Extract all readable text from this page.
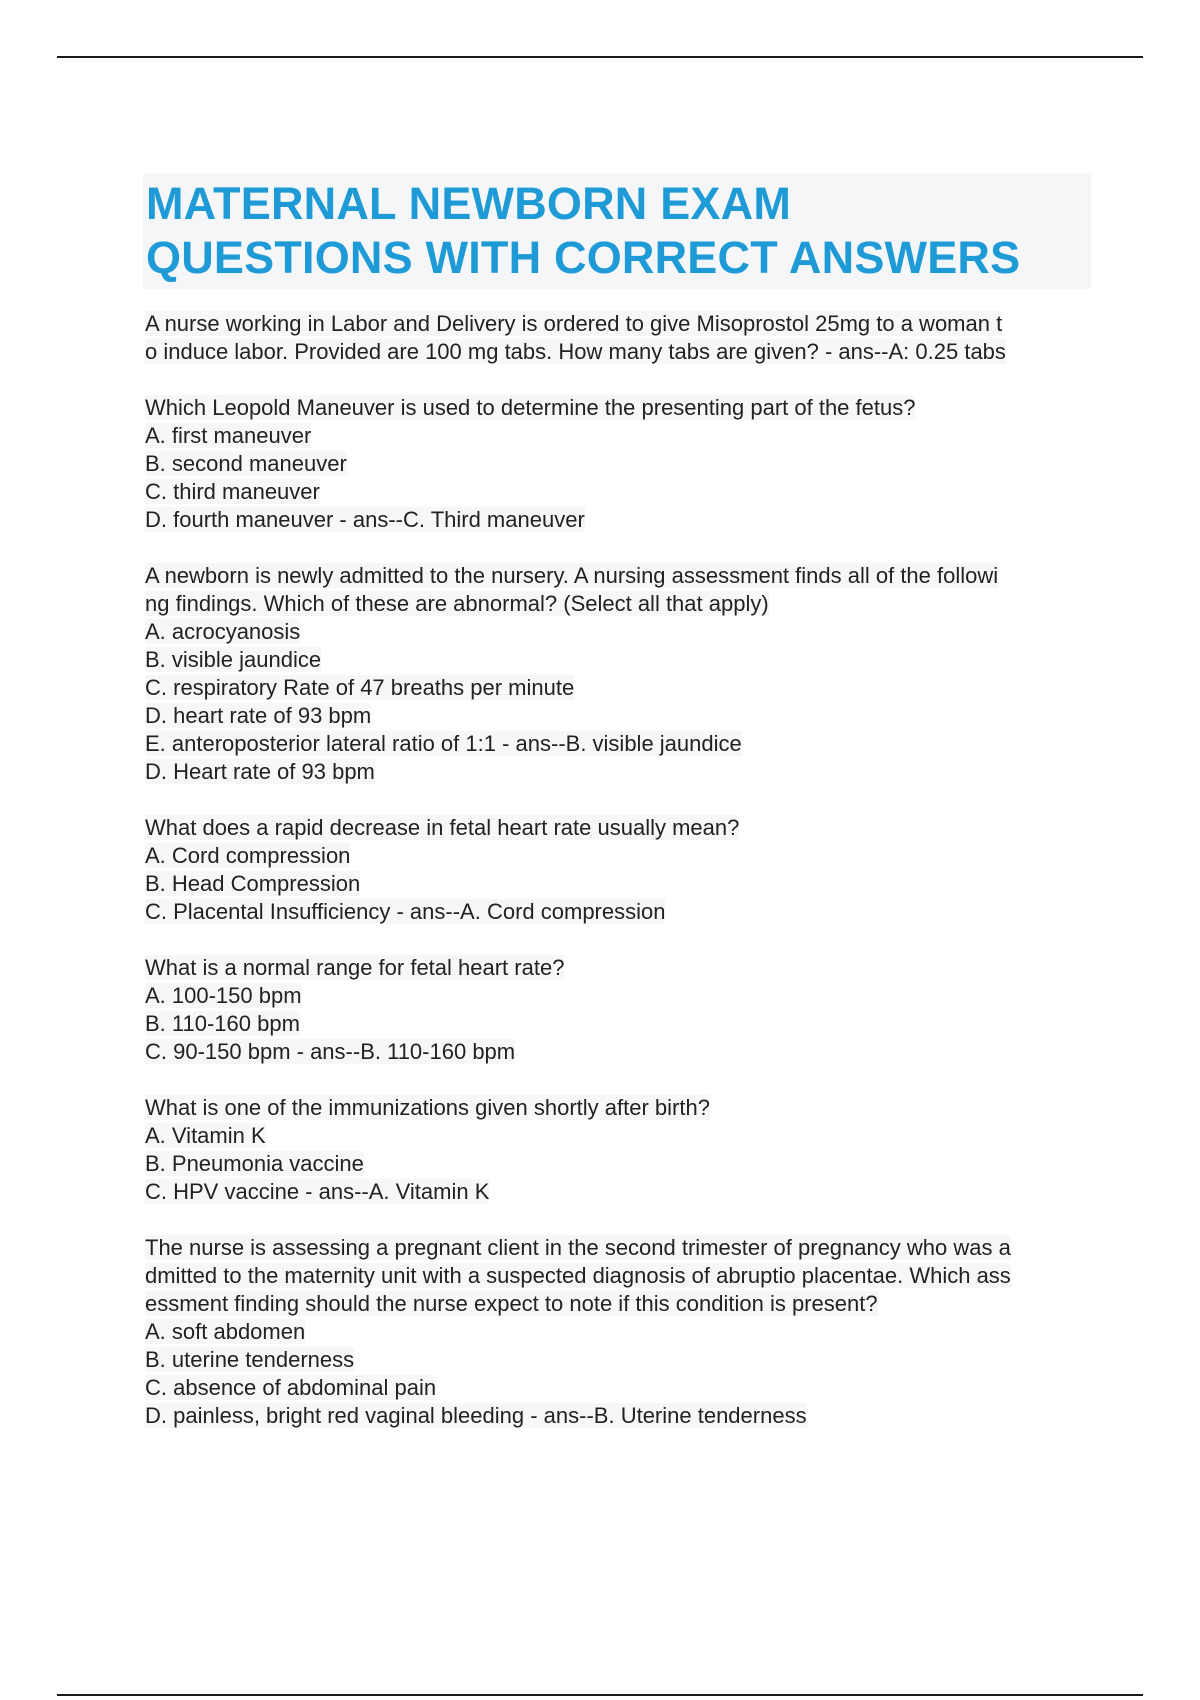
MATERNAL NEWBORN EXAM
QUESTIONS WITH CORRECT ANSWERS
A nurse working in Labor and Delivery is ordered to give Misoprostol 25mg to a woman t
o induce labor. Provided are 100 mg tabs. How many tabs are given? - ans--A: 0.25 tabs
Which Leopold Maneuver is used to determine the presenting part of the fetus?
A. first maneuver
B. second maneuver
C. third maneuver
D. fourth maneuver - ans--C. Third maneuver
A newborn is newly admitted to the nursery. A nursing assessment finds all of the followi
ng findings. Which of these are abnormal? (Select all that apply)
A. acrocyanosis
B. visible jaundice
C. respiratory Rate of 47 breaths per minute
D. heart rate of 93 bpm
E. anteroposterior lateral ratio of 1:1 - ans--B. visible jaundice
D. Heart rate of 93 bpm
What does a rapid decrease in fetal heart rate usually mean?
A. Cord compression
B. Head Compression
C. Placental Insufficiency - ans--A. Cord compression
What is a normal range for fetal heart rate?
A. 100-150 bpm
B. 110-160 bpm
C. 90-150 bpm - ans--B. 110-160 bpm
What is one of the immunizations given shortly after birth?
A. Vitamin K
B. Pneumonia vaccine
C. HPV vaccine - ans--A. Vitamin K
The nurse is assessing a pregnant client in the second trimester of pregnancy who was a
dmitted to the maternity unit with a suspected diagnosis of abruptio placentae. Which ass
essment finding should the nurse expect to note if this condition is present?
A. soft abdomen
B. uterine tenderness
C. absence of abdominal pain
D. painless, bright red vaginal bleeding - ans--B. Uterine tenderness
